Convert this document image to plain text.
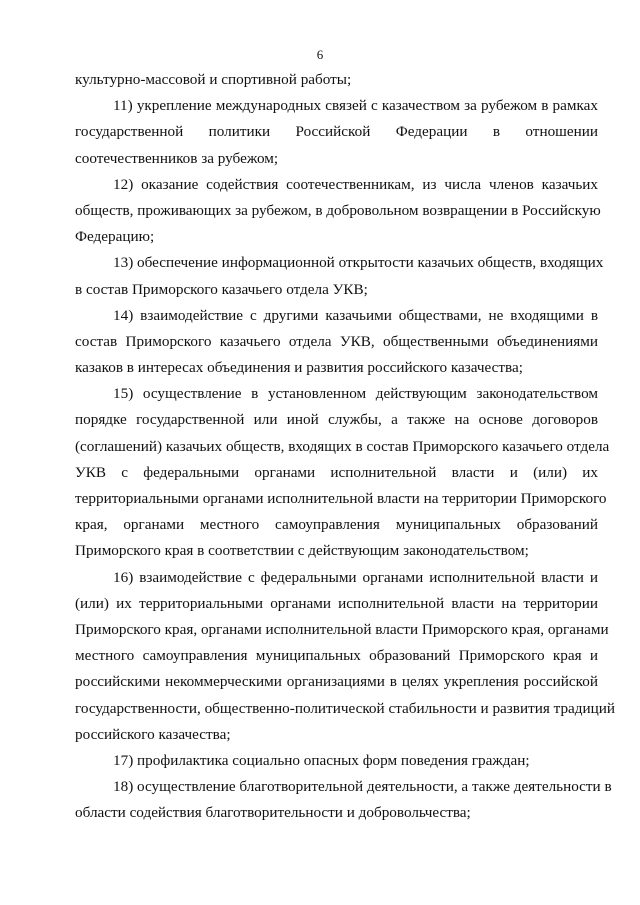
6
культурно-массовой и спортивной работы;
11) укрепление международных связей с казачеством за рубежом в рамках
государственной политики Российской Федерации в отношении
соотечественников за рубежом;
12) оказание содействия соотечественникам, из числа членов казачьих
обществ, проживающих за рубежом, в добровольном возвращении в Российскую
Федерацию;
13) обеспечение информационной открытости казачьих обществ, входящих
в состав Приморского казачьего отдела УКВ;
14) взаимодействие с другими казачьими обществами, не входящими в
состав Приморского казачьего отдела УКВ, общественными объединениями
казаков в интересах объединения и развития российского казачества;
15) осуществление в установленном действующим законодательством
порядке государственной или иной службы, а также на основе договоров
(соглашений) казачьих обществ, входящих в состав Приморского казачьего отдела
УКВ с федеральными органами исполнительной власти и (или) их
территориальными органами исполнительной власти на территории Приморского
края, органами местного самоуправления муниципальных образований
Приморского края в соответствии с действующим законодательством;
16) взаимодействие с федеральными органами исполнительной власти и
(или) их территориальными органами исполнительной власти на территории
Приморского края, органами исполнительной власти Приморского края, органами
местного самоуправления муниципальных образований Приморского края и
российскими некоммерческими организациями в целях укрепления российской
государственности, общественно-политической стабильности и развития традиций
российского казачества;
17) профилактика социально опасных форм поведения граждан;
18) осуществление благотворительной деятельности, а также деятельности в
области содействия благотворительности и добровольчества;
